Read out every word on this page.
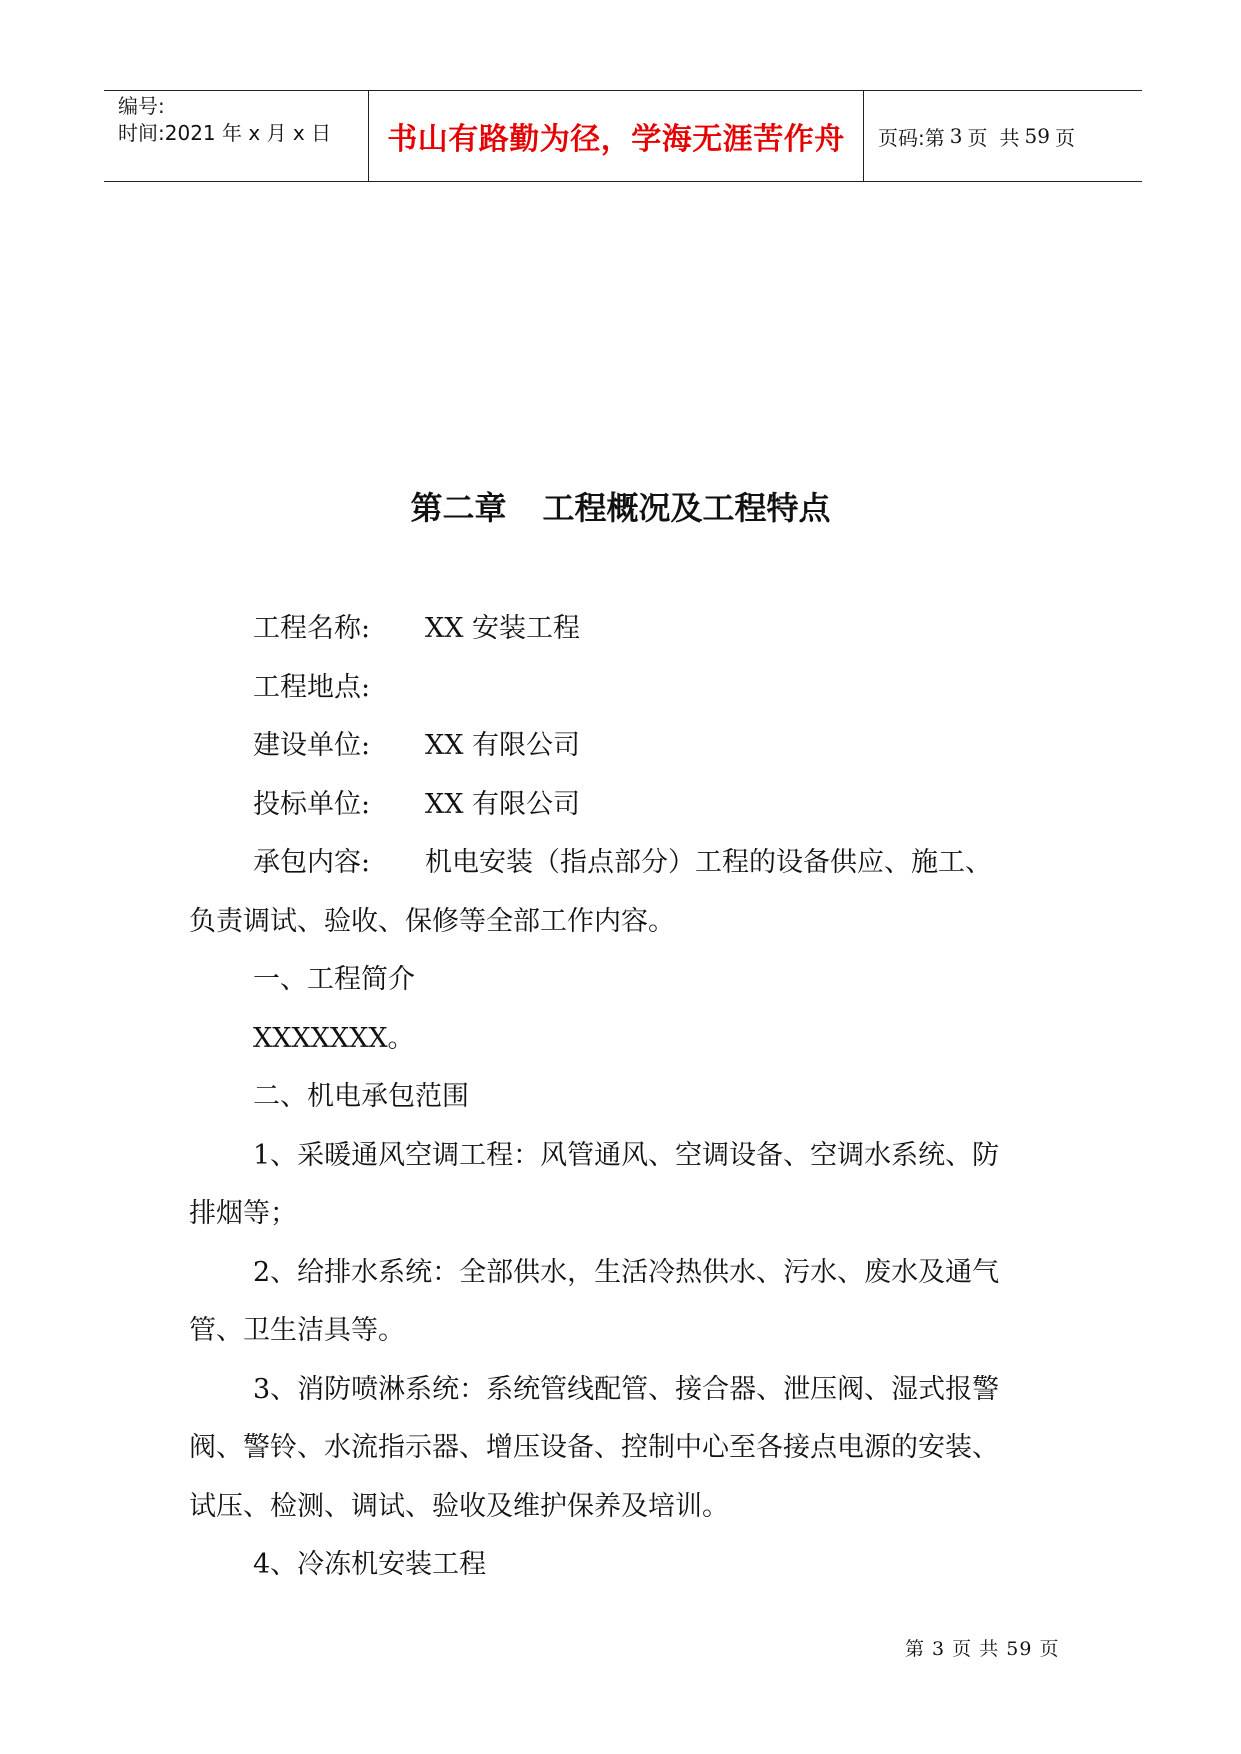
编号:
时间:2021 年 x 月 x 日	书山有路勤为径，学海无涯苦作舟	页码: 第 3 页 共 59 页
第二章 工程概况及工程特点
工程名称: XX 安装工程
工程地点:
建设单位: XX 有限公司
投标单位: XX 有限公司
承包内容: 机电安装（指点部分）工程的设备供应、施工、
负责调试、验收、保修等全部工作内容。
一、工程简介
XXXXXXX。
二、机电承包范围
1、采暖通风空调工程：风管通风、空调设备、空调水系统、防
排烟等；
2、给排水系统：全部供水，生活冷热供水、污水、废水及通气
管、卫生洁具等。
3、消防喷淋系统：系统管线配管、接合器、泄压阀、湿式报警
阀、警铃、水流指示器、增压设备、控制中心至各接点电源的安装、
试压、检测、调试、验收及维护保养及培训。
4、冷冻机安装工程
第 3 页 共 59 页
